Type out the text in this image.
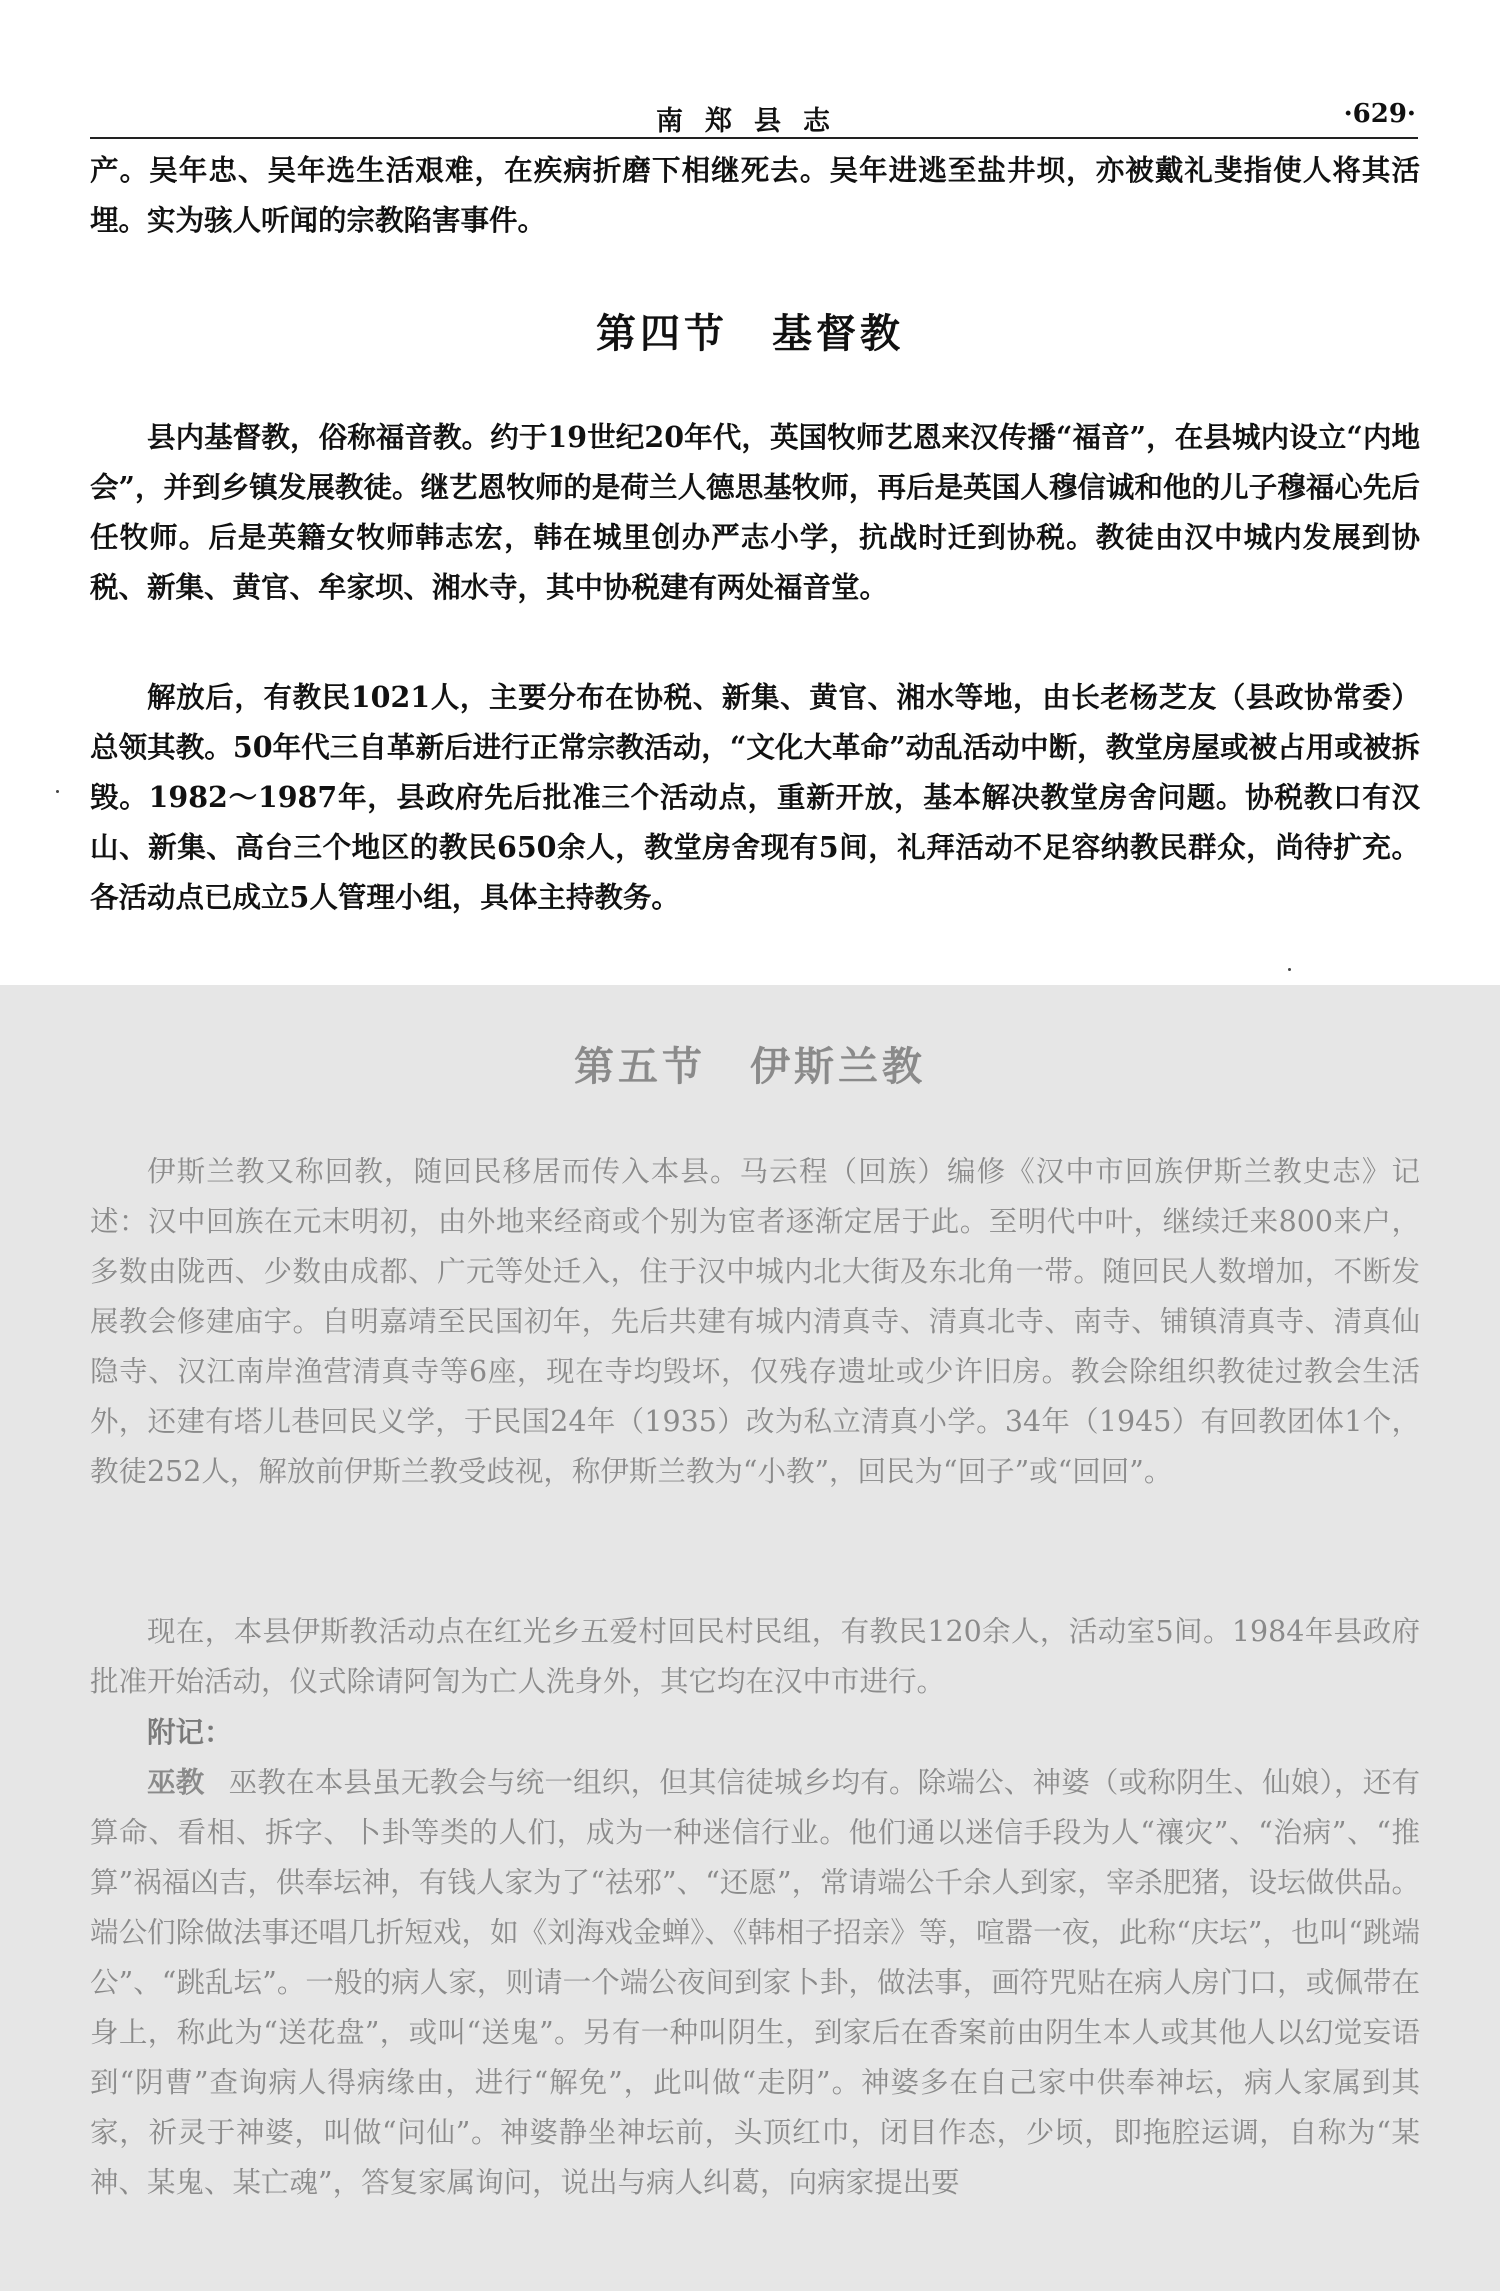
南郑县志	·629·

产。吴年忠、吴年选生活艰难，在疾病折磨下相继死去。吴年进逃至盐井坝，亦被戴礼斐指使人将其活埋。实为骇人听闻的宗教陷害事件。

第四节 基督教

县内基督教，俗称福音教。约于19世纪20年代，英国牧师艺恩来汉传播“福音”，在县城内设立“内地会”，并到乡镇发展教徒。继艺恩牧师的是荷兰人德思基牧师，再后是英国人穆信诚和他的儿子穆福心先后任牧师。后是英籍女牧师韩志宏，韩在城里创办严志小学，抗战时迁到协税。教徒由汉中城内发展到协税、新集、黄官、牟家坝、湘水寺，其中协税建有两处福音堂。

解放后，有教民1021人，主要分布在协税、新集、黄官、湘水等地，由长老杨芝友（县政协常委）总领其教。50年代三自革新后进行正常宗教活动，“文化大革命”动乱活动中断，教堂房屋或被占用或被拆毁。1982～1987年，县政府先后批准三个活动点，重新开放，基本解决教堂房舍问题。协税教口有汉山、新集、高台三个地区的教民650余人，教堂房舍现有5间，礼拜活动不足容纳教民群众，尚待扩充。各活动点已成立5人管理小组，具体主持教务。

第五节 伊斯兰教

伊斯兰教又称回教，随回民移居而传入本县。马云程（回族）编修《汉中市回族伊斯兰教史志》记述：汉中回族在元末明初，由外地来经商或个别为宦者逐渐定居于此。至明代中叶，继续迁来800来户，多数由陇西、少数由成都、广元等处迁入，住于汉中城内北大街及东北角一带。随回民人数增加，不断发展教会修建庙宇。自明嘉靖至民国初年，先后共建有城内清真寺、清真北寺、南寺、铺镇清真寺、清真仙隐寺、汉江南岸渔营清真寺等6座，现在寺均毁坏，仅残存遗址或少许旧房。教会除组织教徒过教会生活外，还建有塔儿巷回民义学，于民国24年（1935）改为私立清真小学。34年（1945）有回教团体1个，教徒252人，解放前伊斯兰教受歧视，称伊斯兰教为“小教”，回民为“回子”或“回回”。

现在，本县伊斯教活动点在红光乡五爱村回民村民组，有教民120余人，活动室5间。1984年县政府批准开始活动，仪式除请阿訇为亡人洗身外，其它均在汉中市进行。

附记：

巫教 巫教在本县虽无教会与统一组织，但其信徒城乡均有。除端公、神婆（或称阴生、仙娘），还有算命、看相、拆字、卜卦等类的人们，成为一种迷信行业。他们通以迷信手段为人“禳灾”、“治病”、“推算”祸福凶吉，供奉坛神，有钱人家为了“祛邪”、“还愿”，常请端公千余人到家，宰杀肥猪，设坛做供品。端公们除做法事还唱几折短戏，如《刘海戏金蝉》、《韩相子招亲》等，喧嚣一夜，此称“庆坛”，也叫“跳端公”、“跳乱坛”。一般的病人家，则请一个端公夜间到家卜卦，做法事，画符咒贴在病人房门口，或佩带在身上，称此为“送花盘”，或叫“送鬼”。另有一种叫阴生，到家后在香案前由阴生本人或其他人以幻觉妄语到“阴曹”查询病人得病缘由，进行“解免”，此叫做“走阴”。神婆多在自己家中供奉神坛，病人家属到其家，祈灵于神婆，叫做“问仙”。神婆静坐神坛前，头顶红巾，闭目作态，少顷，即拖腔运调，自称为“某神、某鬼、某亡魂”，答复家属询问，说出与病人纠葛，向病家提出要
